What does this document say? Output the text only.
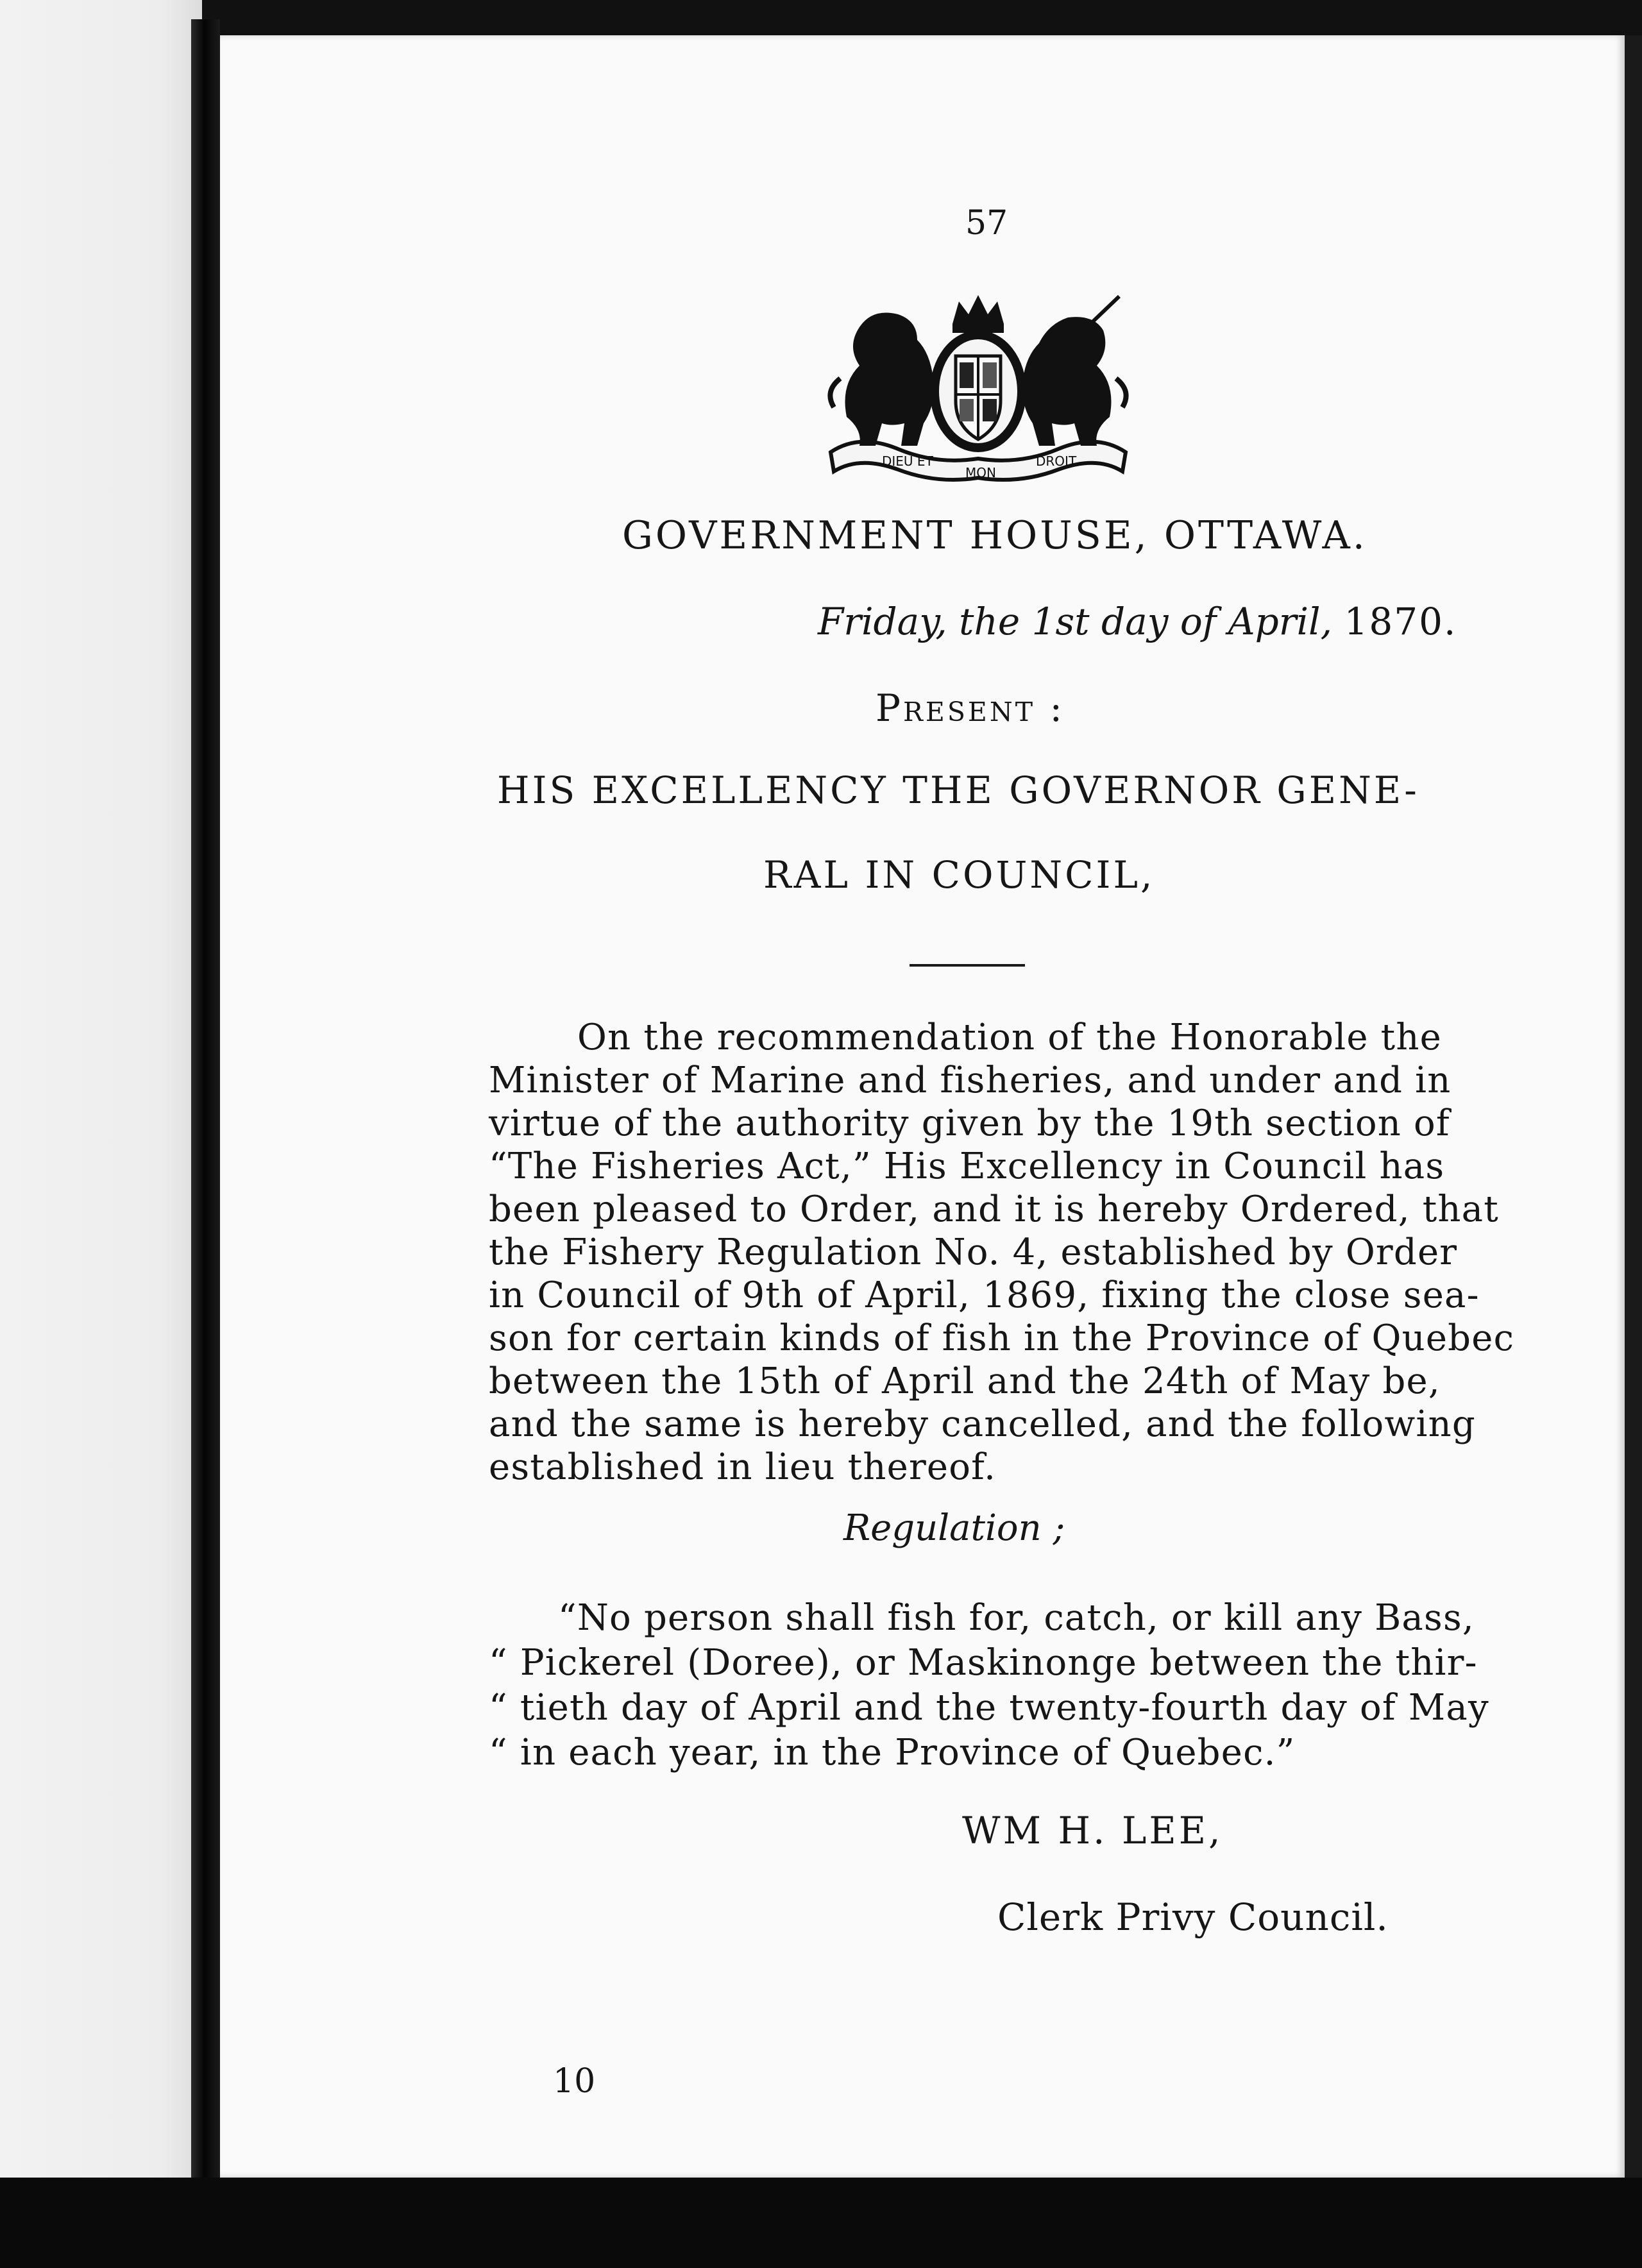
57
DIEU ET
MON
DROIT
GOVERNMENT HOUSE, OTTAWA.
Friday, the 1st day of April, 1870.
Present :
HIS EXCELLENCY THE GOVERNOR GENE-
RAL IN COUNCIL,
On the recommendation of the Honorable the
Minister of Marine and fisheries, and under and in
virtue of the authority given by the 19th section of
“The Fisheries Act,” His Excellency in Council has
been pleased to Order, and it is hereby Ordered, that
the Fishery Regulation No. 4, established by Order
in Council of 9th of April, 1869, fixing the close sea-
son for certain kinds of fish in the Province of Quebec
between the 15th of April and the 24th of May be,
and the same is hereby cancelled, and the following
established in lieu thereof.
Regulation ;
“No person shall fish for, catch, or kill any Bass,
“ Pickerel (Doree), or Maskinonge between the thir-
“ tieth day of April and the twenty-fourth day of May
“ in each year, in the Province of Quebec.”
WM H. LEE,
Clerk Privy Council.
10
